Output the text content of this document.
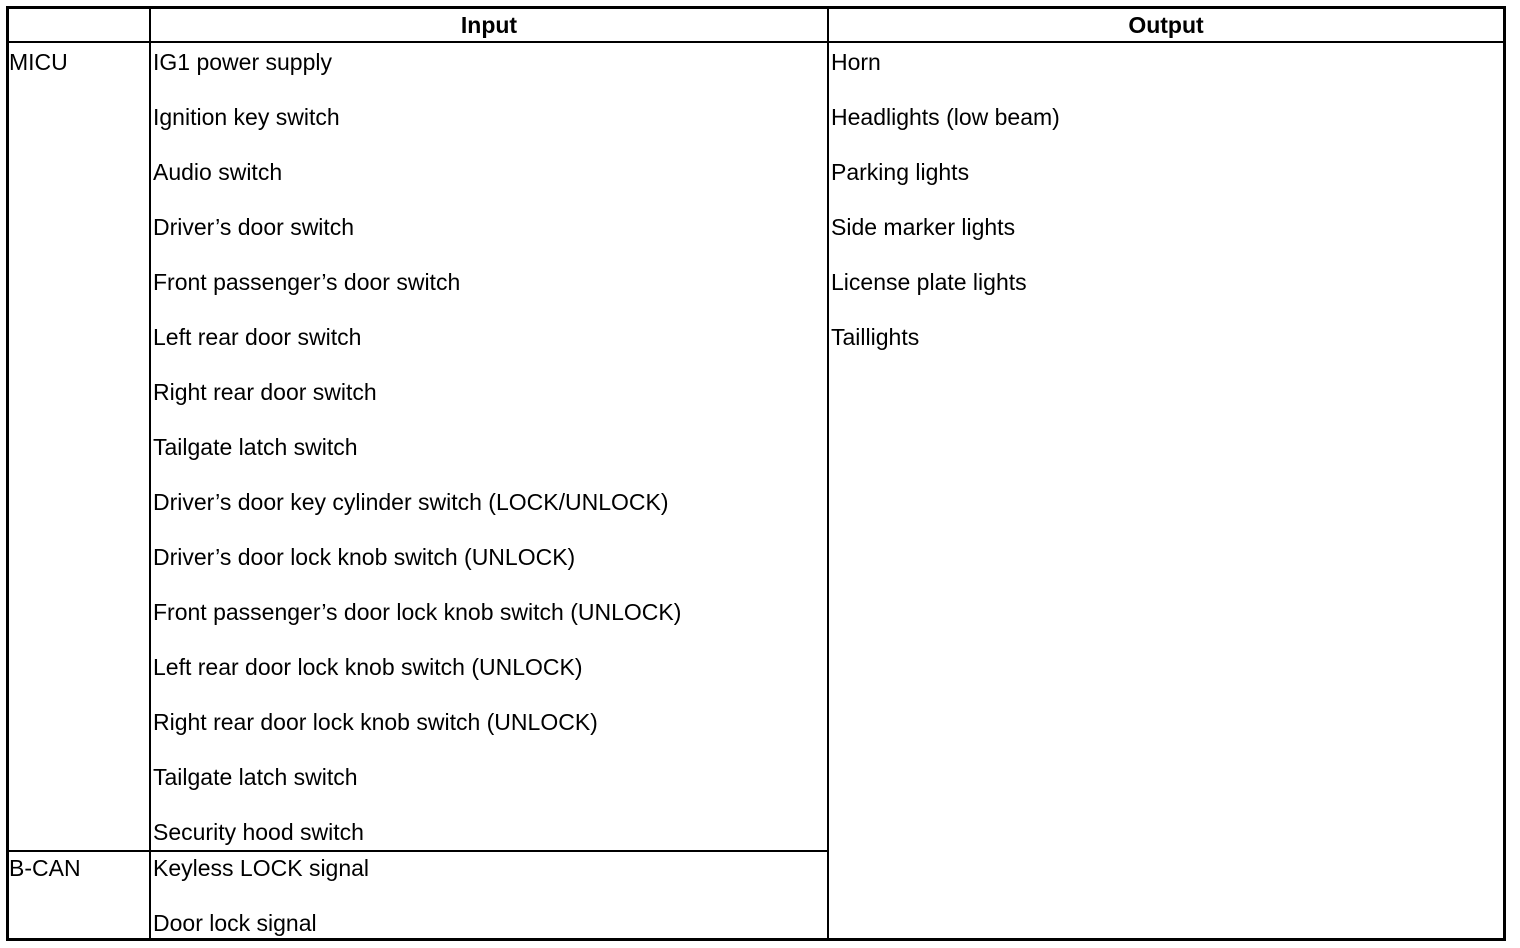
Input	Output
MICU
B-CAN
IG1 power supply
Ignition key switch
Audio switch
Driver’s door switch
Front passenger’s door switch
Left rear door switch
Right rear door switch
Tailgate latch switch
Driver’s door key cylinder switch (LOCK/UNLOCK)
Driver’s door lock knob switch (UNLOCK)
Front passenger’s door lock knob switch (UNLOCK)
Left rear door lock knob switch (UNLOCK)
Right rear door lock knob switch (UNLOCK)
Tailgate latch switch
Security hood switch
Keyless LOCK signal
Door lock signal
Horn
Headlights (low beam)
Parking lights
Side marker lights
License plate lights
Taillights
